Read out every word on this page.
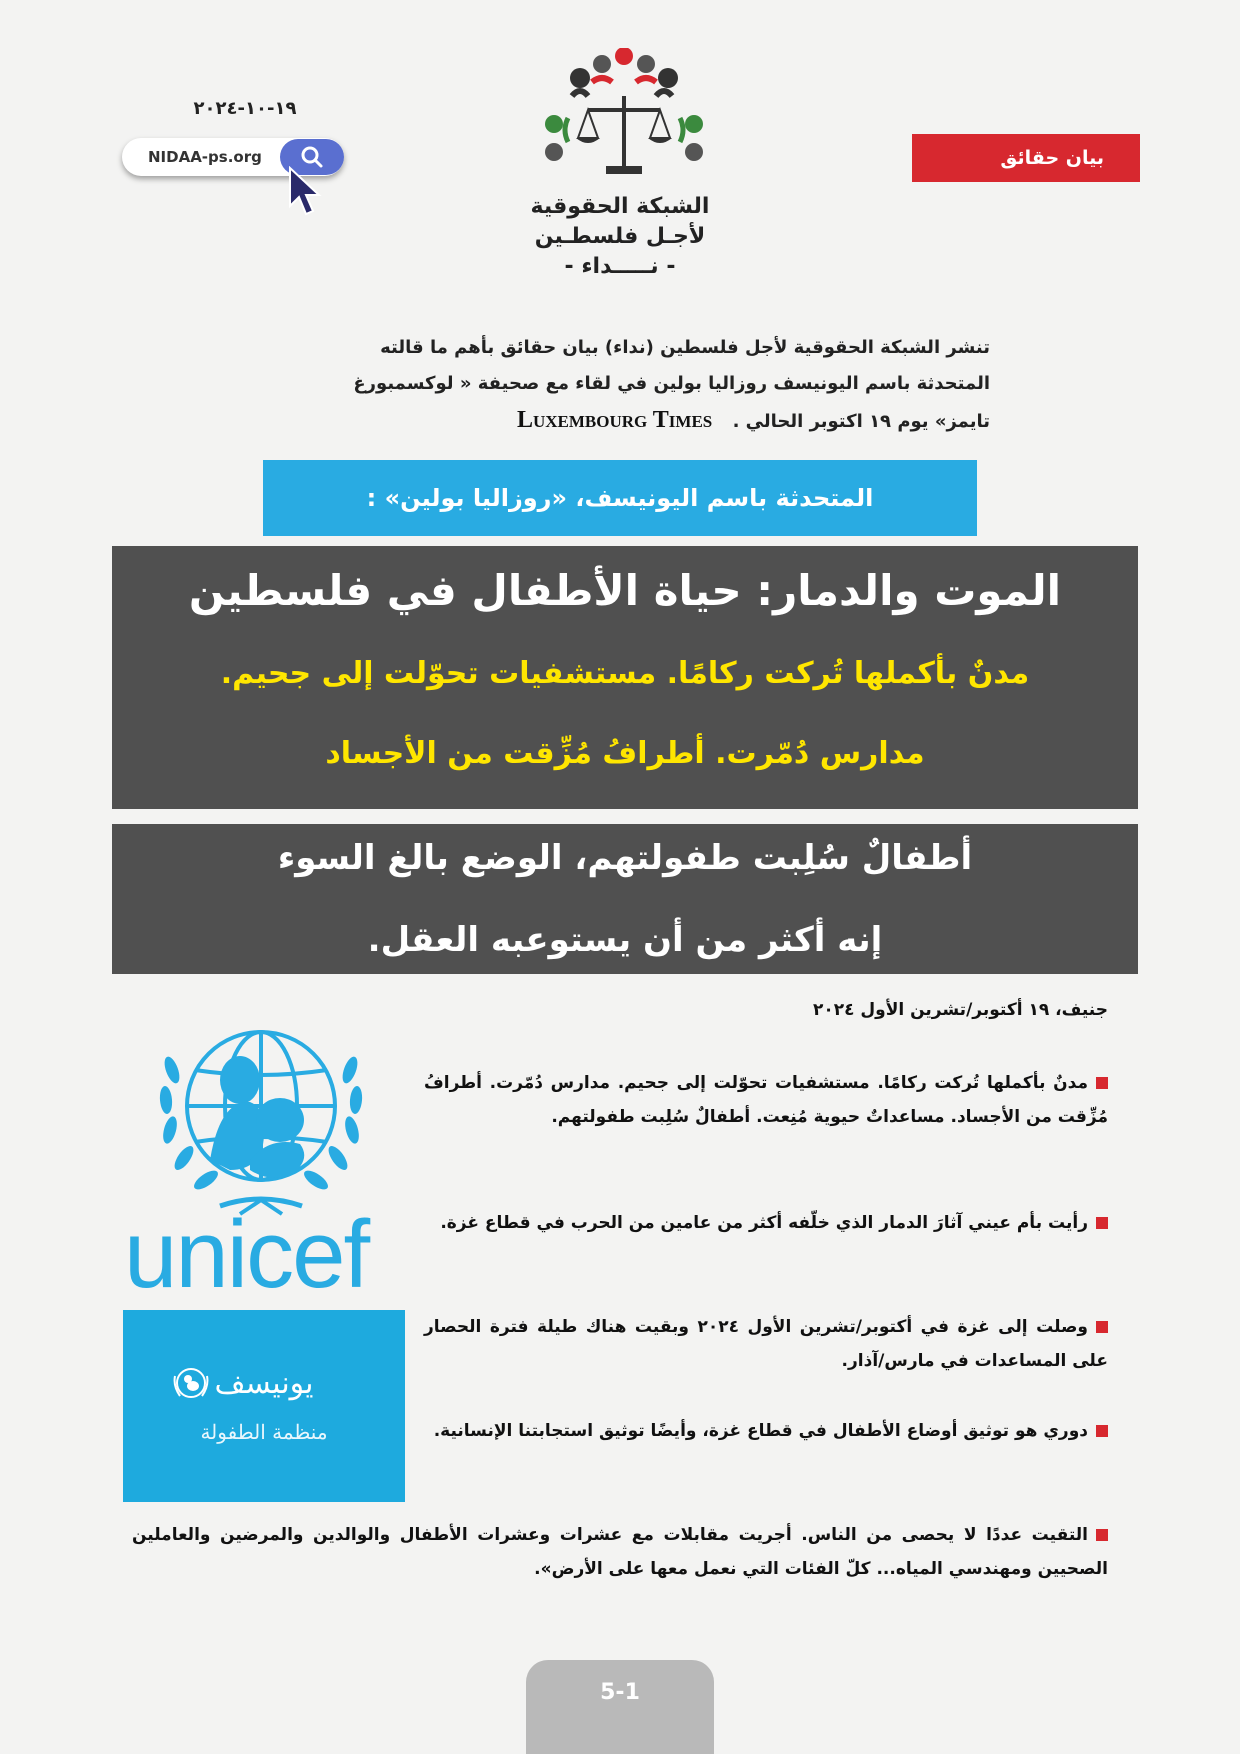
١٩-١٠-٢٠٢٤
NIDAA-ps.org
الشبكة الحقوقية
لأجـل فلسطـين
- نـــــداء -
بيان حقائق
تنشر الشبكة الحقوقية لأجل فلسطين (نداء) بيان حقائق بأهم ما قالته
المتحدثة باسم اليونيسف روزاليا بولين في لقاء مع صحيفة « لوكسمبورغ
تايمز» يوم ١٩ اكتوبر الحالي . Luxembourg Times
المتحدثة باسم اليونيسف، «روزاليا بولين» :
الموت والدمار: حياة الأطفال في فلسطين
مدنٌ بأكملها تُركت ركامًا. مستشفيات تحوّلت إلى جحيم.
مدارس دُمّرت. أطرافُ مُزِّقت من الأجساد
أطفالٌ سُلِبت طفولتهم، الوضع بالغ السوء
إنه أكثر من أن يستوعبه العقل.
جنيف، ١٩ أكتوبر/تشرين الأول ٢٠٢٤
unicef
يونيسف
منظمة الطفولة
مدنٌ بأكملها تُركت ركامًا. مستشفيات تحوّلت إلى جحيم. مدارس دُمّرت. أطرافُ مُزِّقت من الأجساد. مساعداتٌ حيوية مُنِعت. أطفالٌ سُلِبت طفولتهم.
رأيت بأم عيني آثارَ الدمار الذي خلّفه أكثر من عامين من الحرب في قطاع غزة.
وصلت إلى غزة في أكتوبر/تشرين الأول ٢٠٢٤ وبقيت هناك طيلة فترة الحصار على المساعدات في مارس/آذار.
دوري هو توثيق أوضاع الأطفال في قطاع غزة، وأيضًا توثيق استجابتنا الإنسانية.
التقيت عددًا لا يحصى من الناس. أجريت مقابلات مع عشرات وعشرات الأطفال والوالدين والمرضين والعاملين الصحيين ومهندسي المياه... كلّ الفئات التي نعمل معها على الأرض».
5-1
